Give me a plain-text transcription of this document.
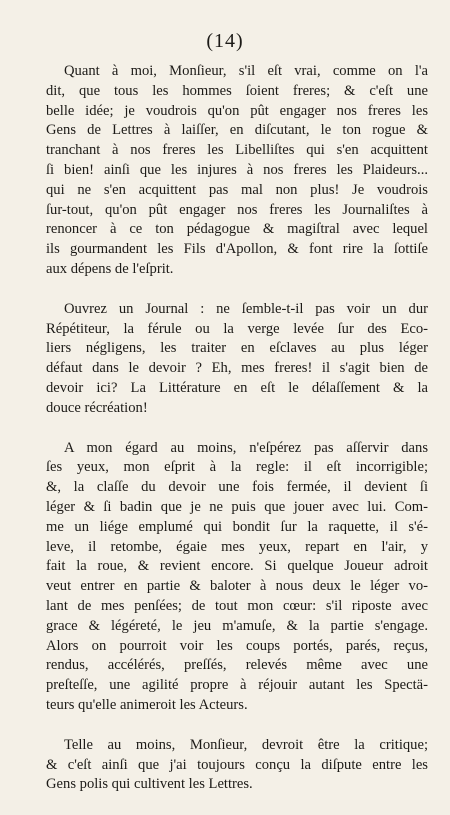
(14)

Quant à moi, Monſieur, s'il eſt vrai, comme on l'a
dit, que tous les hommes ſoient freres; & c'eſt une
belle idée; je voudrois qu'on pût engager nos freres les
Gens de Lettres à laiſſer, en diſcutant, le ton rogue &
tranchant à nos freres les Libelliſtes qui s'en acquittent
ſi bien! ainſi que les injures à nos freres les Plaideurs...
qui ne s'en acquittent pas mal non plus! Je voudrois
ſur-tout, qu'on pût engager nos freres les Journaliſtes à
renoncer à ce ton pédagogue & magiſtral avec lequel
ils gourmandent les Fils d'Apollon, & font rire la ſottiſe
aux dépens de l'eſprit.

Ouvrez un Journal : ne ſemble-t-il pas voir un dur
Répétiteur, la férule ou la verge levée ſur des Eco-
liers négligens, les traiter en eſclaves au plus léger
défaut dans le devoir ? Eh, mes freres! il s'agit bien de
devoir ici? La Littérature en eſt le délaſſement & la
douce récréation!

A mon égard au moins, n'eſpérez pas aſſervir dans
ſes yeux, mon eſprit à la regle: il eſt incorrigible;
&, la claſſe du devoir une fois fermée, il devient ſi
léger & ſi badin que je ne puis que jouer avec lui. Com-
me un liége emplumé qui bondit ſur la raquette, il s'é-
leve, il retombe, égaie mes yeux, repart en l'air, y
fait la roue, & revient encore. Si quelque Joueur adroit
veut entrer en partie & baloter à nous deux le léger vo-
lant de mes penſées; de tout mon cœur: s'il riposte avec
grace & légéreté, le jeu m'amuſe, & la partie s'engage.
Alors on pourroit voir les coups portés, parés, reçus,
rendus, accélérés, preſſés, relevés même avec une
preſteſſe, une agilité propre à réjouir autant les Spectä-
teurs qu'elle animeroit les Acteurs.

Telle au moins, Monſieur, devroit être la critique;
& c'eſt ainſi que j'ai toujours conçu la diſpute entre les
Gens polis qui cultivent les Lettres.
